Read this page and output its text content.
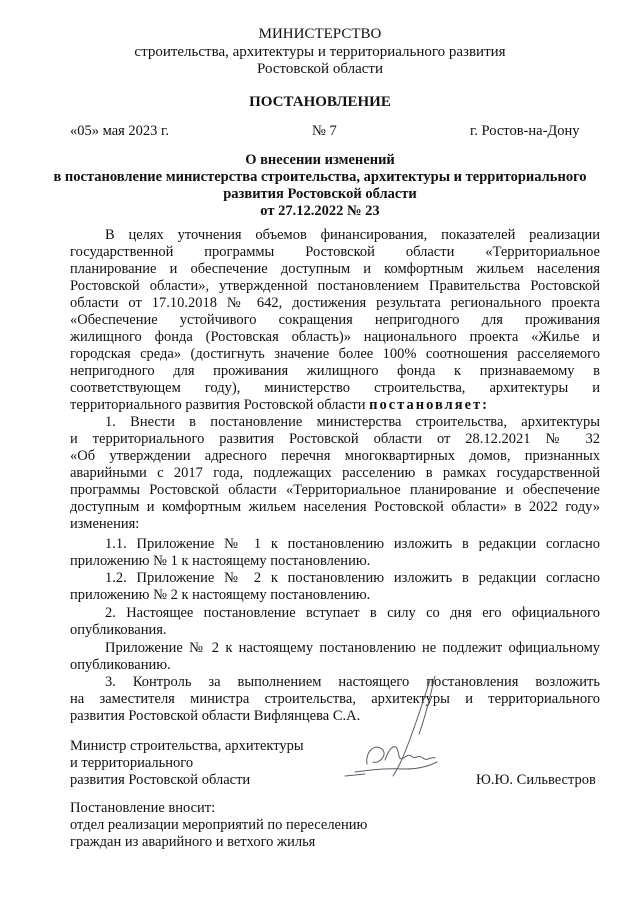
МИНИСТЕРСТВО
строительства, архитектуры и территориального развития
Ростовской области
ПОСТАНОВЛЕНИЕ
«05» мая 2023 г.	№ 7	г. Ростов-на-Дону
О внесении изменений
в постановление министерства строительства, архитектуры и территориального
развития Ростовской области
от 27.12.2022 № 23
В целях уточнения объемов финансирования, показателей реализации
государственной программы Ростовской области «Территориальное
планирование и обеспечение доступным и комфортным жильем населения
Ростовской области», утвержденной постановлением Правительства Ростовской
области от 17.10.2018 № 642, достижения результата регионального проекта
«Обеспечение устойчивого сокращения непригодного для проживания
жилищного фонда (Ростовская область)» национального проекта «Жилье и
городская среда» (достигнуть значение более 100% соотношения расселяемого
непригодного для проживания жилищного фонда к признаваемому в
соответствующем году), министерство строительства, архитектуры и
территориального развития Ростовской области постановляет:
1. Внести в постановление министерства строительства, архитектуры
и территориального развития Ростовской области от 28.12.2021 № 32
«Об утверждении адресного перечня многоквартирных домов, признанных
аварийными с 2017 года, подлежащих расселению в рамках государственной
программы Ростовской области «Территориальное планирование и обеспечение
доступным и комфортным жильем населения Ростовской области» в 2022 году»
изменения:
1.1. Приложение № 1 к постановлению изложить в редакции согласно
приложению № 1 к настоящему постановлению.
1.2. Приложение № 2 к постановлению изложить в редакции согласно
приложению № 2 к настоящему постановлению.
2. Настоящее постановление вступает в силу со дня его официального
опубликования.
Приложение № 2 к настоящему постановлению не подлежит официальному
опубликованию.
3. Контроль за выполнением настоящего постановления возложить
на заместителя министра строительства, архитектуры и территориального
развития Ростовской области Вифлянцева С.А.
Министр строительства, архитектуры
и территориального
развития Ростовской области	Ю.Ю. Сильвестров
Постановление вносит:
отдел реализации мероприятий по переселению
граждан из аварийного и ветхого жилья
